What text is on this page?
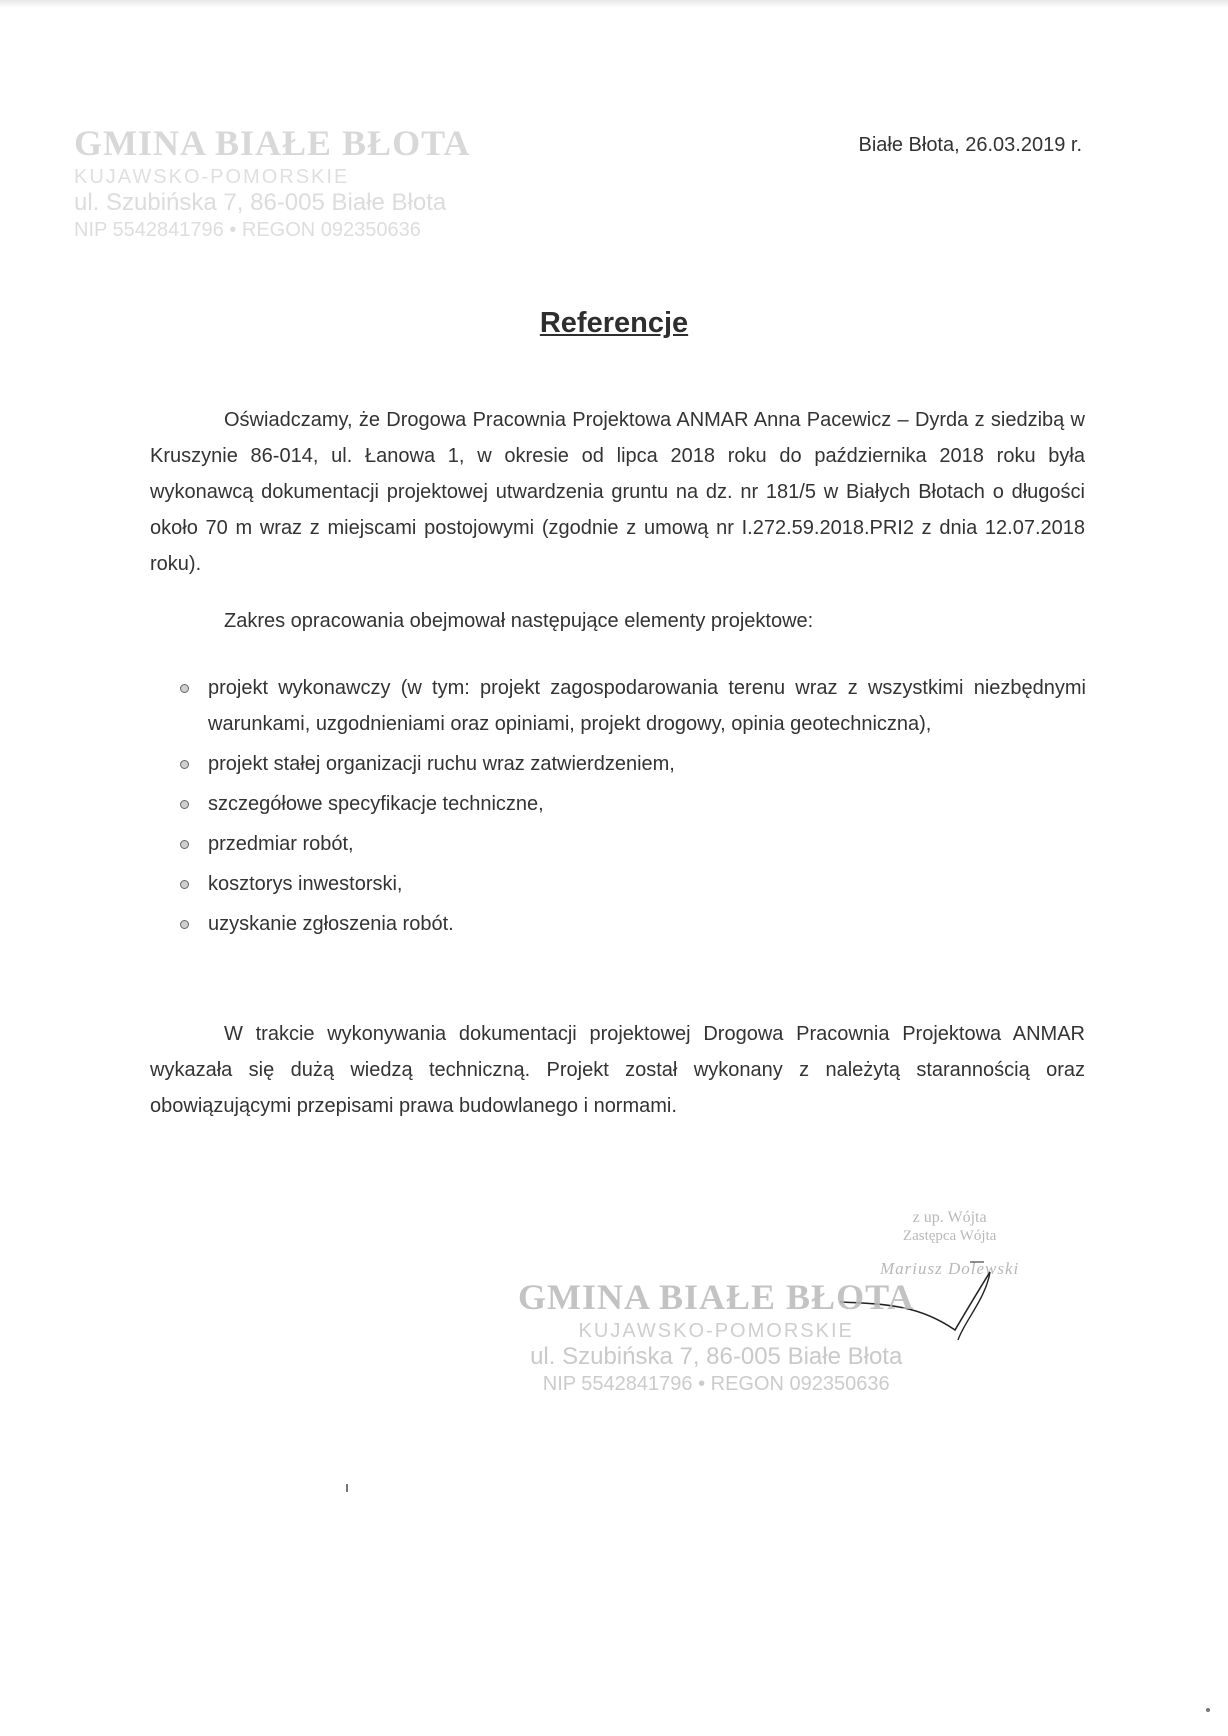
GMINA BIAŁE BŁOTA
KUJAWSKO-POMORSKIE
ul. Szubińska 7, 86-005 Białe Błota
NIP 5542841796 • REGON 092350636
Białe Błota, 26.03.2019 r.
Referencje
Oświadczamy, że Drogowa Pracownia Projektowa ANMAR Anna Pacewicz – Dyrda z siedzibą w Kruszynie 86-014, ul. Łanowa 1, w okresie od lipca 2018 roku do października 2018 roku była wykonawcą dokumentacji projektowej utwardzenia gruntu na dz. nr 181/5 w Białych Błotach o długości około 70 m wraz z miejscami postojowymi (zgodnie z umową nr I.272.59.2018.PRI2 z dnia 12.07.2018 roku).
Zakres opracowania obejmował następujące elementy projektowe:
projekt wykonawczy (w tym: projekt zagospodarowania terenu wraz z wszystkimi niezbędnymi warunkami, uzgodnieniami oraz opiniami, projekt drogowy, opinia geotechniczna),
projekt stałej organizacji ruchu wraz zatwierdzeniem,
szczegółowe specyfikacje techniczne,
przedmiar robót,
kosztorys inwestorski,
uzyskanie zgłoszenia robót.
W trakcie wykonywania dokumentacji projektowej Drogowa Pracownia Projektowa ANMAR wykazała się dużą wiedzą techniczną. Projekt został wykonany z należytą starannością oraz obowiązującymi przepisami prawa budowlanego i normami.
z up. Wójta
Zastępca Wójta
Mariusz Dolewski
GMINA BIAŁE BŁOTA
KUJAWSKO-POMORSKIE
ul. Szubińska 7, 86-005 Białe Błota
NIP 5542841796 • REGON 092350636
